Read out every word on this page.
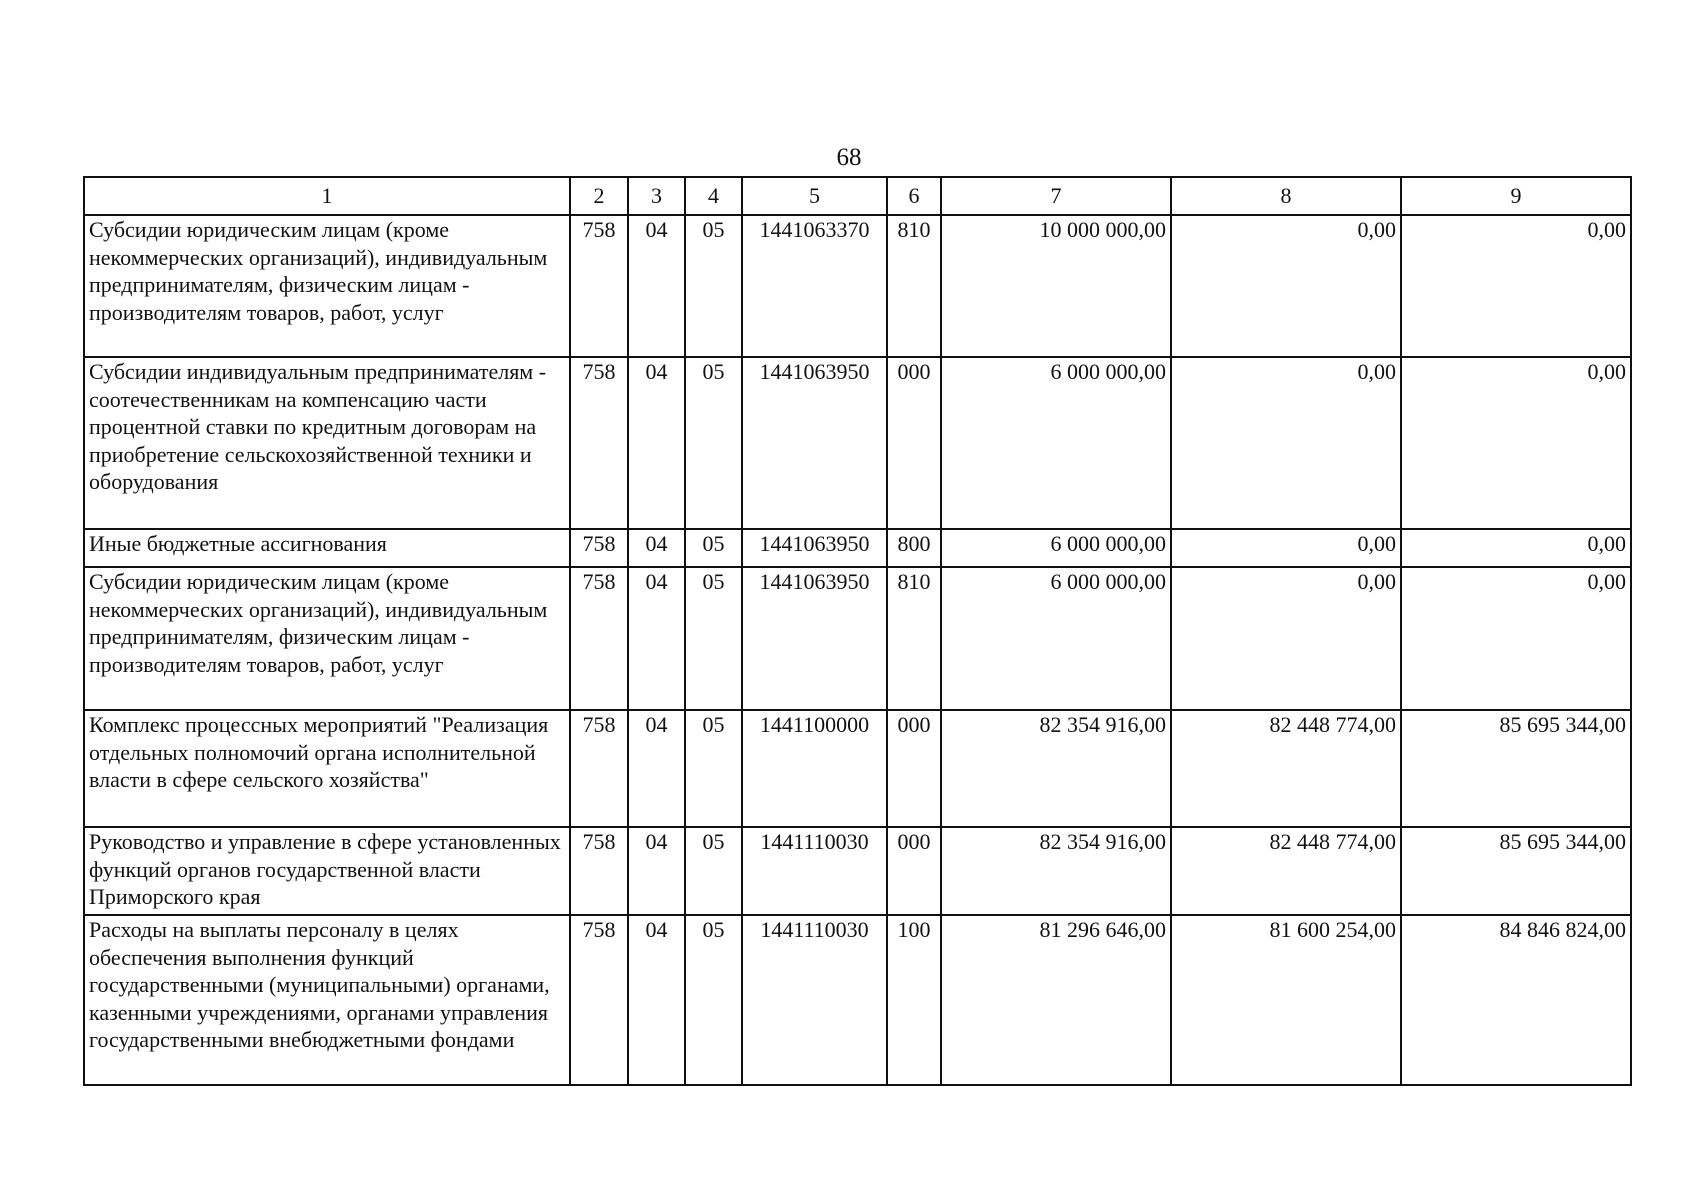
68
1	2	3	4	5	6	7	8	9
Субсидии юридическим лицам (кроме некоммерческих организаций), индивидуальным предпринимателям, физическим лицам - производителям товаров, работ, услуг	758	04	05	1441063370	810	10 000 000,00	0,00	0,00
Субсидии индивидуальным предпринимателям - соотечественникам на компенсацию части процентной ставки по кредитным договорам на приобретение сельскохозяйственной техники и оборудования	758	04	05	1441063950	000	6 000 000,00	0,00	0,00
Иные бюджетные ассигнования	758	04	05	1441063950	800	6 000 000,00	0,00	0,00
Субсидии юридическим лицам (кроме некоммерческих организаций), индивидуальным предпринимателям, физическим лицам - производителям товаров, работ, услуг	758	04	05	1441063950	810	6 000 000,00	0,00	0,00
Комплекс процессных мероприятий "Реализация отдельных полномочий органа исполнительной власти в сфере сельского хозяйства"	758	04	05	1441100000	000	82 354 916,00	82 448 774,00	85 695 344,00
Руководство и управление в сфере установленных функций органов государственной власти Приморского края	758	04	05	1441110030	000	82 354 916,00	82 448 774,00	85 695 344,00
Расходы на выплаты персоналу в целях обеспечения выполнения функций государственными (муниципальными) органами, казенными учреждениями, органами управления государственными внебюджетными фондами	758	04	05	1441110030	100	81 296 646,00	81 600 254,00	84 846 824,00
